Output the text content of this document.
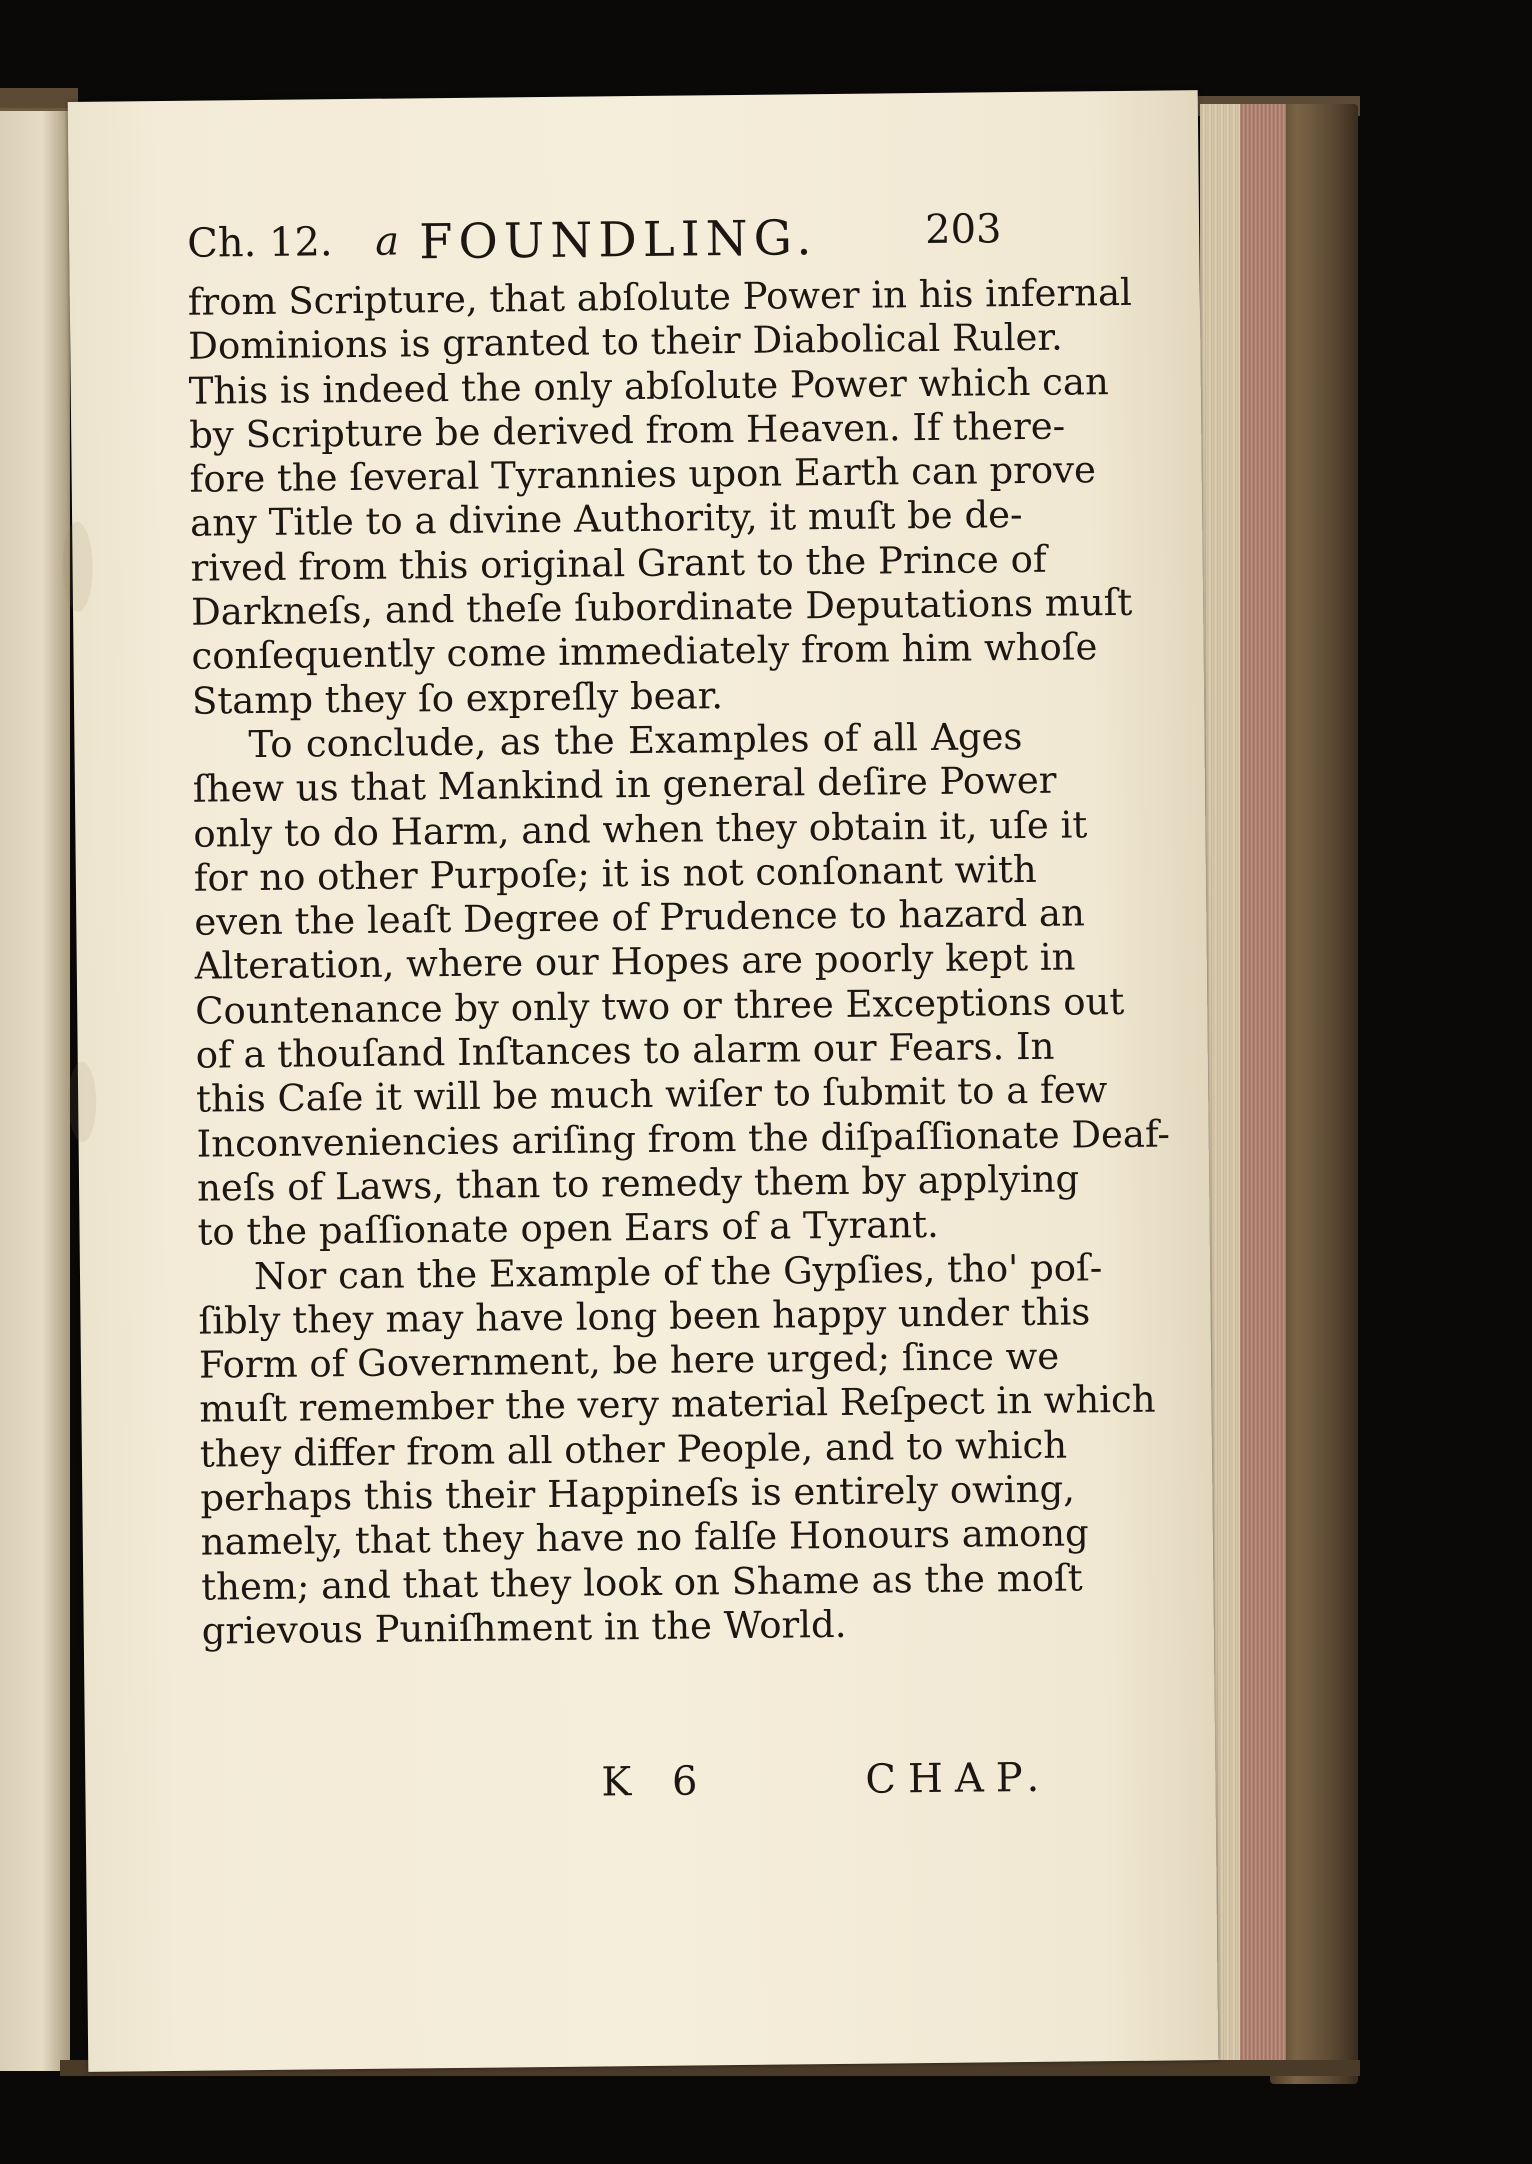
Ch. 12. a FOUNDLING.	203
from Scripture, that abſolute Power in his infernal
Dominions is granted to their Diabolical Ruler.
This is indeed the only abſolute Power which can
by Scripture be derived from Heaven. If there-
fore the ſeveral Tyrannies upon Earth can prove
any Title to a divine Authority, it muſt be de-
rived from this original Grant to the Prince of
Darkneſs, and theſe ſubordinate Deputations muſt
conſequently come immediately from him whoſe
Stamp they ſo expreſly bear.
To conclude, as the Examples of all Ages
ſhew us that Mankind in general deſire Power
only to do Harm, and when they obtain it, uſe it
for no other Purpoſe; it is not conſonant with
even the leaſt Degree of Prudence to hazard an
Alteration, where our Hopes are poorly kept in
Countenance by only two or three Exceptions out
of a thouſand Inſtances to alarm our Fears. In
this Caſe it will be much wiſer to ſubmit to a few
Inconveniencies ariſing from the diſpaſſionate Deaf-
neſs of Laws, than to remedy them by applying
to the paſſionate open Ears of a Tyrant.
Nor can the Example of the Gypſies, tho' poſ-
ſibly they may have long been happy under this
Form of Government, be here urged; ſince we
muſt remember the very material Reſpect in which
they differ from all other People, and to which
perhaps this their Happineſs is entirely owing,
namely, that they have no falſe Honours among
them; and that they look on Shame as the moſt
grievous Puniſhment in the World.
K 6	CHAP.
